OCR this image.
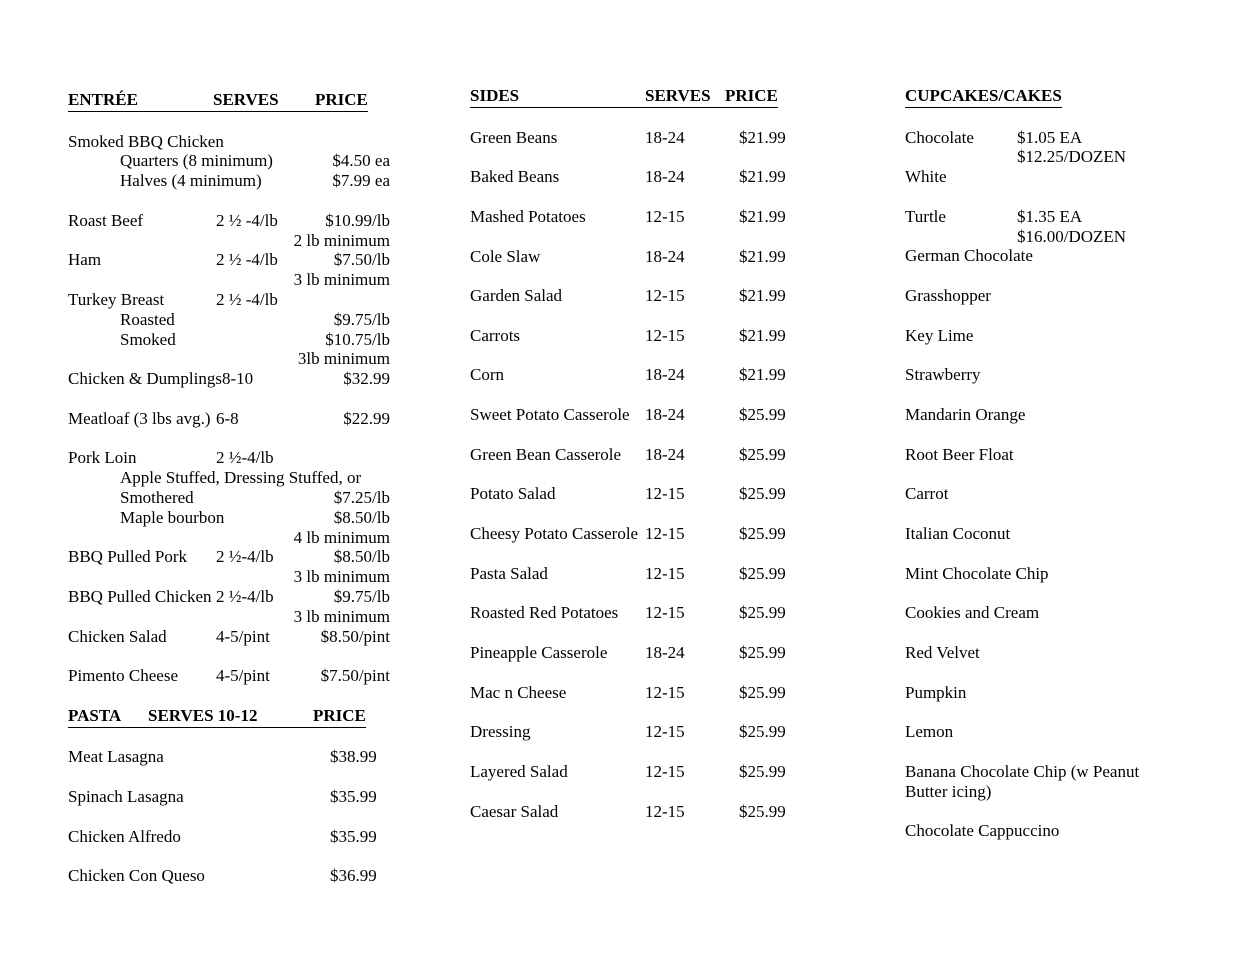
ENTRÉE	SERVES	PRICE
Smoked BBQ Chicken
Quarters (8 minimum)	$4.50 ea
Halves (4 minimum)	$7.99 ea
Roast Beef	2 ½ -4/lb	$10.99/lb
2 lb minimum
Ham	2 ½ -4/lb	$7.50/lb
3 lb minimum
Turkey Breast	2 ½ -4/lb
Roasted	$9.75/lb
Smoked	$10.75/lb
3lb minimum
Chicken & Dumplings 8-10	$32.99
Meatloaf (3 lbs avg.) 6-8	$22.99
Pork Loin	2 ½-4/lb
Apple Stuffed, Dressing Stuffed, or
Smothered	$7.25/lb
Maple bourbon	$8.50/lb
4 lb minimum
BBQ Pulled Pork	2 ½-4/lb	$8.50/lb
3 lb minimum
BBQ Pulled Chicken 2 ½-4/lb	$9.75/lb
3 lb minimum
Chicken Salad	4-5/pint	$8.50/pint
Pimento Cheese	4-5/pint	$7.50/pint
PASTA	SERVES 10-12	PRICE
Meat Lasagna	$38.99
Spinach Lasagna	$35.99
Chicken Alfredo	$35.99
Chicken Con Queso	$36.99
SIDES	SERVES PRICE
Green Beans	18-24	$21.99
Baked Beans	18-24	$21.99
Mashed Potatoes	12-15	$21.99
Cole Slaw	18-24	$21.99
Garden Salad	12-15	$21.99
Carrots	12-15	$21.99
Corn	18-24	$21.99
Sweet Potato Casserole 18-24	$25.99
Green Bean Casserole	18-24	$25.99
Potato Salad	12-15	$25.99
Cheesy Potato Casserole 12-15	$25.99
Pasta Salad	12-15	$25.99
Roasted Red Potatoes	12-15	$25.99
Pineapple Casserole	18-24	$25.99
Mac n Cheese	12-15	$25.99
Dressing	12-15	$25.99
Layered Salad	12-15	$25.99
Caesar Salad	12-15	$25.99
CUPCAKES/CAKES
Chocolate	$1.05 EA
$12.25/DOZEN
White
Turtle	$1.35 EA
$16.00/DOZEN
German Chocolate
Grasshopper
Key Lime
Strawberry
Mandarin Orange
Root Beer Float
Carrot
Italian Coconut
Mint Chocolate Chip
Cookies and Cream
Red Velvet
Pumpkin
Lemon
Banana Chocolate Chip (w Peanut
Butter icing)
Chocolate Cappuccino
